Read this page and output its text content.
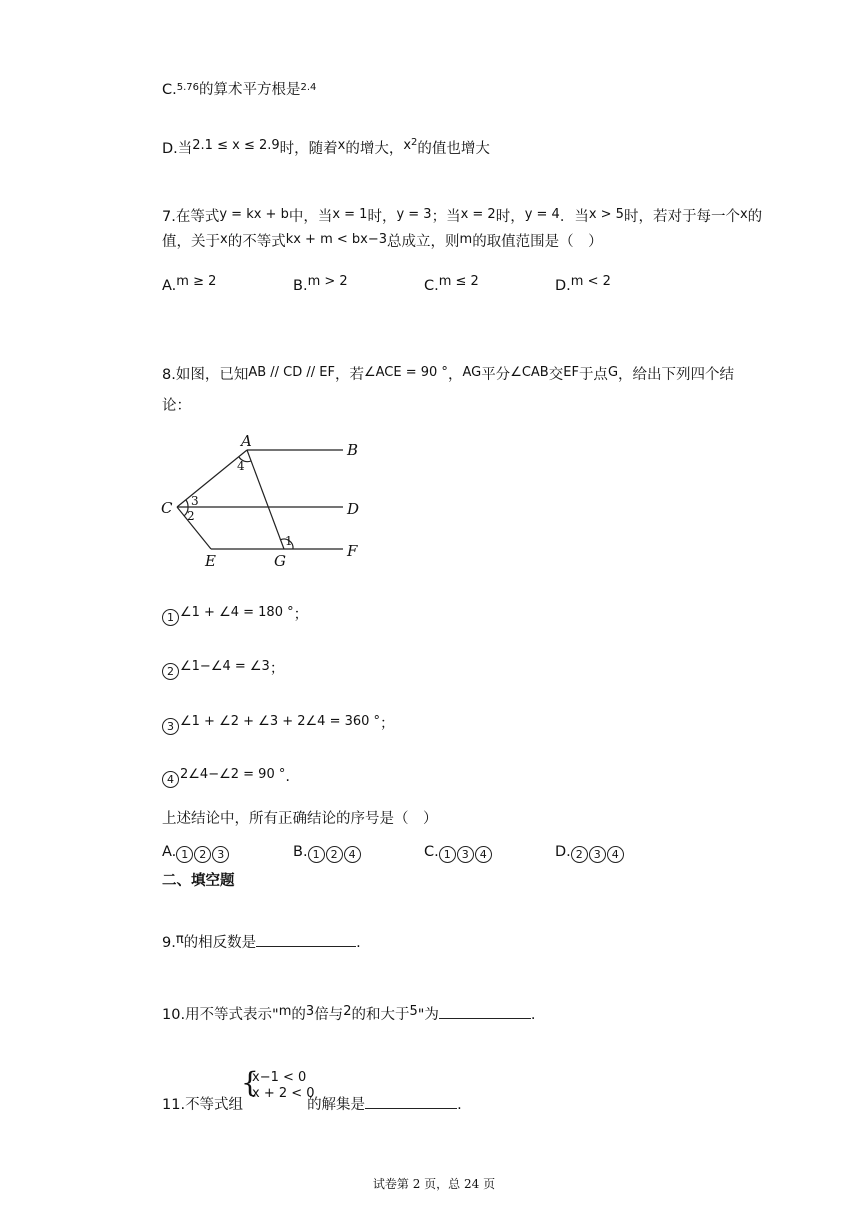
C.$^{5.76}$的算术平方根是$^{2.4}$
D.当2.1 ≤ x ≤ 2.9时，随着x的增大，$x^2$的值也增大
7.在等式y = kx + b中，当x = 1时，y = 3；当x = 2时，y = 4．当x > 5时，若对于每一个x的
值，关于x的不等式kx + m < bx−3总成立，则m的取值范围是（　）
A.m ≥ 2	B.m > 2	C.m ≤ 2	D.m < 2
8.如图，已知AB // CD // EF，若∠ACE = 90 °，AG平分∠CAB交EF于点G，给出下列四个结
论：
A	B
C	D
E	G
F
1
2
3
4
1 ∠1 + ∠4 = 180 °；
2 ∠1−∠4 = ∠3；
3 ∠1 + ∠2 + ∠3 + 2∠4 = 360 °；
4 2∠4−∠2 = 90 °.
上述结论中，所有正确结论的序号是（　）
A. 1 2 3	B. 1 2 4	C. 1 3 4	D. 2 3 4
二、填空题
9.π的相反数是	.
10.用不等式表示"m的3倍与2的和大于5"为	.
11.不等式组	的解集是	.
{
x−1 < 0
x + 2 < 0
试卷第 2 页，总 24 页
